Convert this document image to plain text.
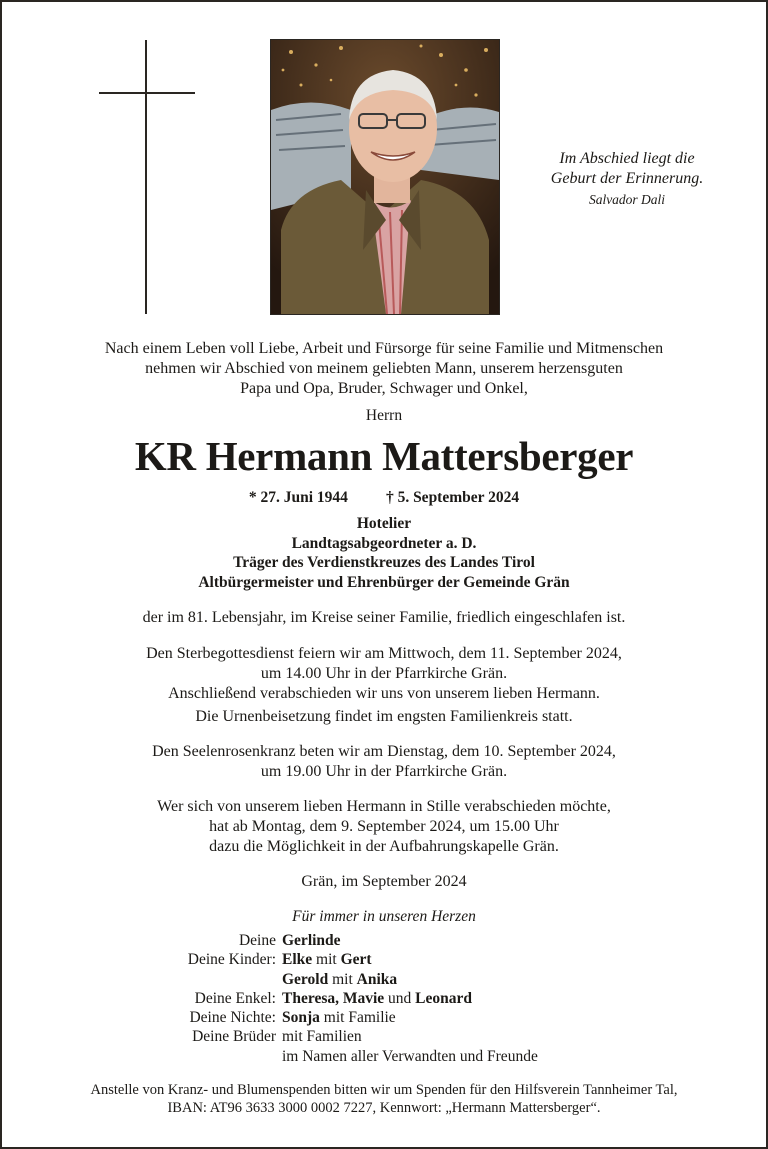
Im Abschied liegt die
Geburt der Erinnerung.
Salvador Dali
Nach einem Leben voll Liebe, Arbeit und Fürsorge für seine Familie und Mitmenschen
nehmen wir Abschied von meinem geliebten Mann, unserem herzensguten
Papa und Opa, Bruder, Schwager und Onkel,
Herrn
KR Hermann Mattersberger
* 27. Juni 1944 † 5. September 2024
Hotelier
Landtagsabgeordneter a. D.
Träger des Verdienstkreuzes des Landes Tirol
Altbürgermeister und Ehrenbürger der Gemeinde Grän
der im 81. Lebensjahr, im Kreise seiner Familie, friedlich eingeschlafen ist.
Den Sterbegottesdienst feiern wir am Mittwoch, dem 11. September 2024,
um 14.00 Uhr in der Pfarrkirche Grän.
Anschließend verabschieden wir uns von unserem lieben Hermann.
Die Urnenbeisetzung findet im engsten Familienkreis statt.
Den Seelenrosenkranz beten wir am Dienstag, dem 10. September 2024,
um 19.00 Uhr in der Pfarrkirche Grän.
Wer sich von unserem lieben Hermann in Stille verabschieden möchte,
hat ab Montag, dem 9. September 2024, um 15.00 Uhr
dazu die Möglichkeit in der Aufbahrungskapelle Grän.
Grän, im September 2024
Für immer in unseren Herzen
Deine Gerlinde
Deine Kinder: Elke mit Gert
Gerold mit Anika
Deine Enkel: Theresa, Mavie und Leonard
Deine Nichte: Sonja mit Familie
Deine Brüder mit Familien
im Namen aller Verwandten und Freunde
Anstelle von Kranz- und Blumenspenden bitten wir um Spenden für den Hilfsverein Tannheimer Tal,
IBAN: AT96 3633 3000 0002 7227, Kennwort: „Hermann Mattersberger“.
